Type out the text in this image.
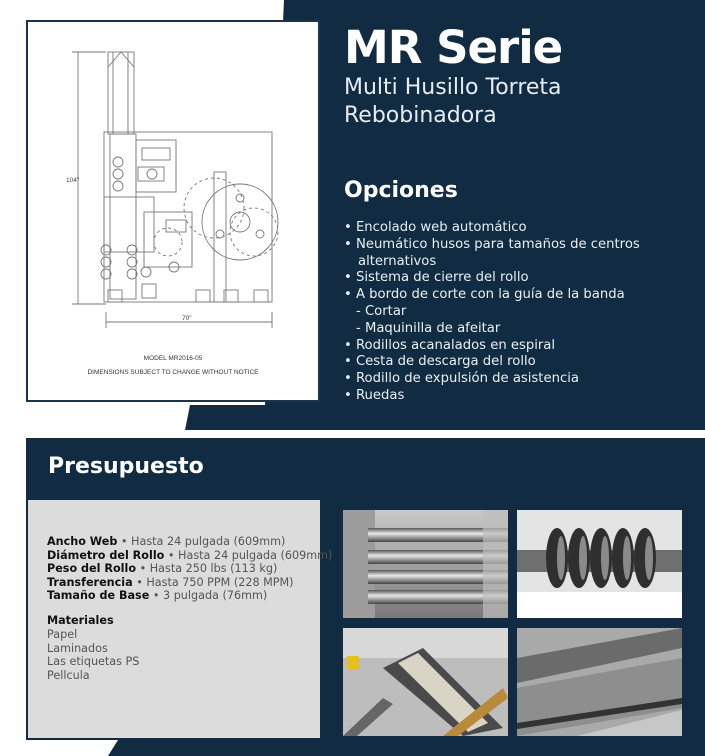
104"
70"
MODEL MR2016-05
DIMENSIONS SUBJECT TO CHANGE WITHOUT NOTICE
MR Serie
Multi Husillo Torreta
Rebobinadora
Opciones
• Encolado web automático
• Neumático husos para tamaños de centros
alternativos
• Sistema de cierre del rollo
• A bordo de corte con la guía de la banda
- Cortar
- Maquinilla de afeitar
• Rodillos acanalados en espiral
• Cesta de descarga del rollo
• Rodillo de expulsión de asistencia
• Ruedas
Presupuesto
Ancho Web • Hasta 24 pulgada (609mm)
Diámetro del Rollo • Hasta 24 pulgada (609mm)
Peso del Rollo • Hasta 250 lbs (113 kg)
Transferencia • Hasta 750 PPM (228 MPM)
Tamaño de Base • 3 pulgada (76mm)
Materiales
Papel
Laminados
Las etiquetas PS
Pellcula
